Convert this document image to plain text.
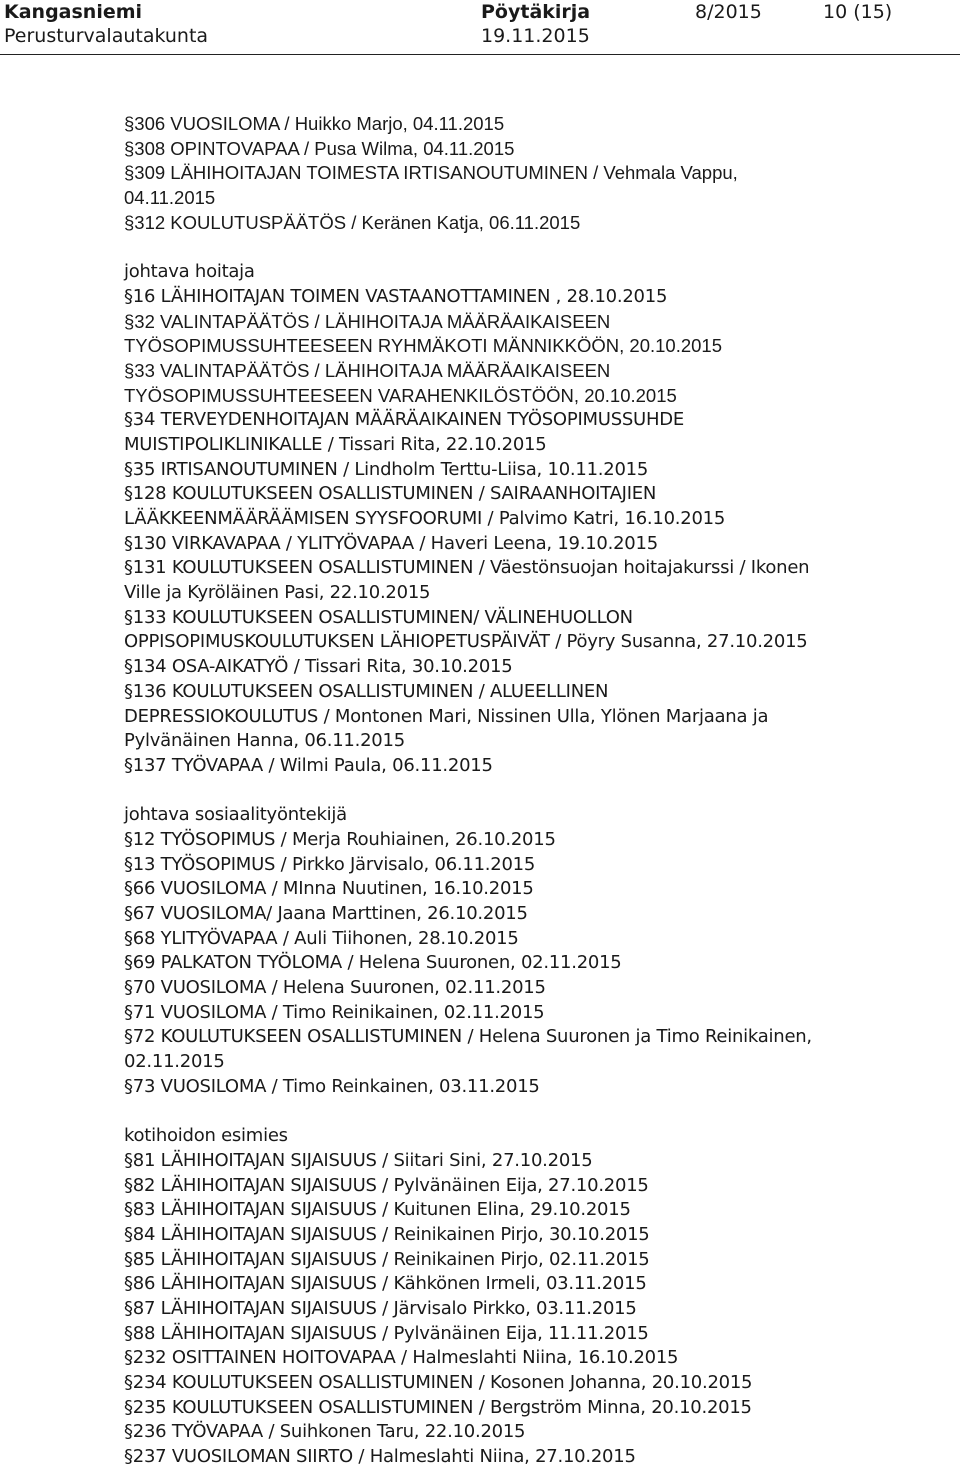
Kangasniemi
Perusturvalautakunta
Pöytäkirja
19.11.2015
8/2015	10 (15)
§306 VUOSILOMA / Huikko Marjo, 04.11.2015
§308 OPINTOVAPAA / Pusa Wilma, 04.11.2015
§309 LÄHIHOITAJAN TOIMESTA IRTISANOUTUMINEN / Vehmala Vappu,
04.11.2015
§312 KOULUTUSPÄÄTÖS / Keränen Katja, 06.11.2015
johtava hoitaja
§16 LÄHIHOITAJAN TOIMEN VASTAANOTTAMINEN , 28.10.2015
§32 VALINTAPÄÄTÖS / LÄHIHOITAJA MÄÄRÄAIKAISEEN
TYÖSOPIMUSSUHTEESEEN RYHMÄKOTI MÄNNIKKÖÖN, 20.10.2015
§33 VALINTAPÄÄTÖS / LÄHIHOITAJA MÄÄRÄAIKAISEEN
TYÖSOPIMUSSUHTEESEEN VARAHENKILÖSTÖÖN, 20.10.2015
§34 TERVEYDENHOITAJAN MÄÄRÄAIKAINEN TYÖSOPIMUSSUHDE
MUISTIPOLIKLINIKALLE / Tissari Rita, 22.10.2015
§35 IRTISANOUTUMINEN / Lindholm Terttu-Liisa, 10.11.2015
§128 KOULUTUKSEEN OSALLISTUMINEN / SAIRAANHOITAJIEN
LÄÄKKEENMÄÄRÄÄMISEN SYYSFOORUMI / Palvimo Katri, 16.10.2015
§130 VIRKAVAPAA / YLITYÖVAPAA / Haveri Leena, 19.10.2015
§131 KOULUTUKSEEN OSALLISTUMINEN / Väestönsuojan hoitajakurssi / Ikonen
Ville ja Kyröläinen Pasi, 22.10.2015
§133 KOULUTUKSEEN OSALLISTUMINEN/ VÄLINEHUOLLON
OPPISOPIMUSKOULUTUKSEN LÄHIOPETUSPÄIVÄT / Pöyry Susanna, 27.10.2015
§134 OSA-AIKATYÖ / Tissari Rita, 30.10.2015
§136 KOULUTUKSEEN OSALLISTUMINEN / ALUEELLINEN
DEPRESSIOKOULUTUS / Montonen Mari, Nissinen Ulla, Ylönen Marjaana ja
Pylvänäinen Hanna, 06.11.2015
§137 TYÖVAPAA / Wilmi Paula, 06.11.2015
johtava sosiaalityöntekijä
§12 TYÖSOPIMUS / Merja Rouhiainen, 26.10.2015
§13 TYÖSOPIMUS / Pirkko Järvisalo, 06.11.2015
§66 VUOSILOMA / MInna Nuutinen, 16.10.2015
§67 VUOSILOMA/ Jaana Marttinen, 26.10.2015
§68 YLITYÖVAPAA / Auli Tiihonen, 28.10.2015
§69 PALKATON TYÖLOMA / Helena Suuronen, 02.11.2015
§70 VUOSILOMA / Helena Suuronen, 02.11.2015
§71 VUOSILOMA / Timo Reinikainen, 02.11.2015
§72 KOULUTUKSEEN OSALLISTUMINEN / Helena Suuronen ja Timo Reinikainen,
02.11.2015
§73 VUOSILOMA / Timo Reinkainen, 03.11.2015
kotihoidon esimies
§81 LÄHIHOITAJAN SIJAISUUS / Siitari Sini, 27.10.2015
§82 LÄHIHOITAJAN SIJAISUUS / Pylvänäinen Eija, 27.10.2015
§83 LÄHIHOITAJAN SIJAISUUS / Kuitunen Elina, 29.10.2015
§84 LÄHIHOITAJAN SIJAISUUS / Reinikainen Pirjo, 30.10.2015
§85 LÄHIHOITAJAN SIJAISUUS / Reinikainen Pirjo, 02.11.2015
§86 LÄHIHOITAJAN SIJAISUUS / Kähkönen Irmeli, 03.11.2015
§87 LÄHIHOITAJAN SIJAISUUS / Järvisalo Pirkko, 03.11.2015
§88 LÄHIHOITAJAN SIJAISUUS / Pylvänäinen Eija, 11.11.2015
§232 OSITTAINEN HOITOVAPAA / Halmeslahti Niina, 16.10.2015
§234 KOULUTUKSEEN OSALLISTUMINEN / Kosonen Johanna, 20.10.2015
§235 KOULUTUKSEEN OSALLISTUMINEN / Bergström Minna, 20.10.2015
§236 TYÖVAPAA / Suihkonen Taru, 22.10.2015
§237 VUOSILOMAN SIIRTO / Halmeslahti Niina, 27.10.2015
